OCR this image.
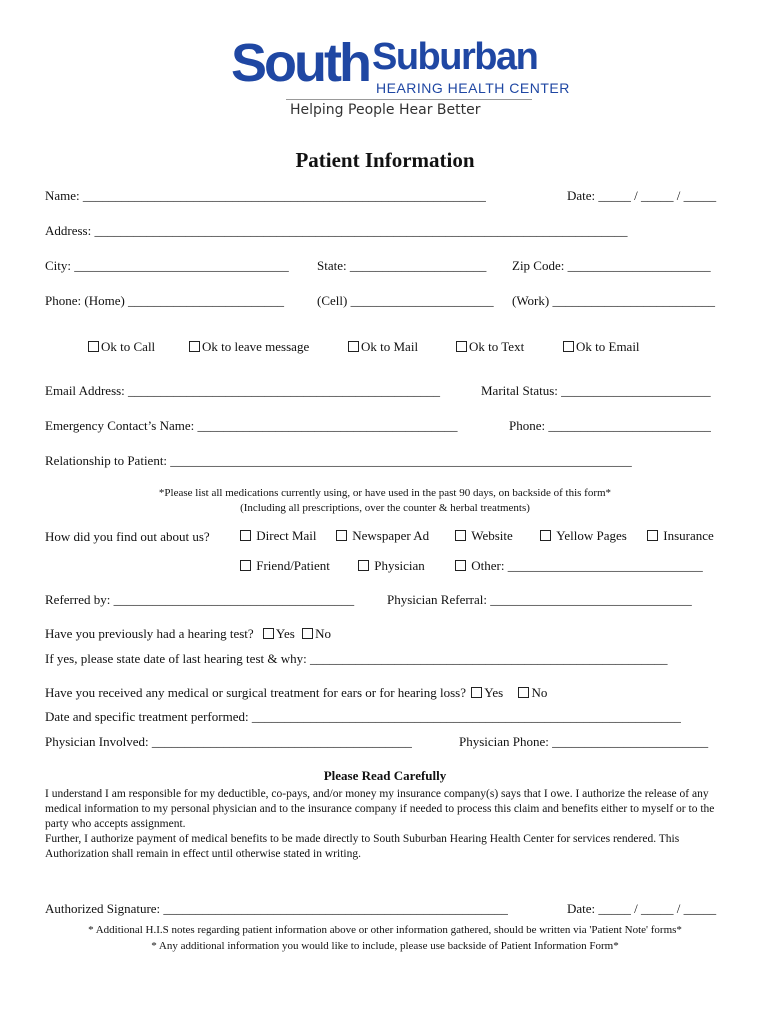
South Suburban
HEARING HEALTH CENTER
Helping People Hear Better
Patient Information
Name: ______________________________________________________________	Date: _____ / _____ / _____
Address: __________________________________________________________________________________
City: _________________________________ State: _____________________ Zip Code: ______________________
Phone: (Home) ________________________	(Cell) ______________________ (Work) _________________________
Ok to Call	Ok to leave message	Ok to Mail	Ok to Text	Ok to Email
Email Address: ________________________________________________	Marital Status: _______________________
Emergency Contact’s Name: ________________________________________	Phone: _________________________
Relationship to Patient: _______________________________________________________________________
*Please list all medications currently using, or have used in the past 90 days, on backside of this form*
(Including all prescriptions, over the counter & herbal treatments)
How did you find out about us?	Direct Mail	Newspaper Ad	Website	Yellow Pages	Insurance
Friend/Patient	Physician	Other: ______________________________
Referred by: _____________________________________	Physician Referral: _______________________________
Have you previously had a hearing test? Yes No
If yes, please state date of last hearing test & why: _______________________________________________________
Have you received any medical or surgical treatment for ears or for hearing loss? Yes No
Date and specific treatment performed: __________________________________________________________________
Physician Involved: ________________________________________	Physician Phone: ________________________
Please Read Carefully

I understand I am responsible for my deductible, co-pays, and/or money my insurance company(s) says that I owe. I authorize the release of any medical information to my personal physician and to the insurance company if needed to process this claim and benefits either to myself or to the party who accepts assignment.

Further, I authorize payment of medical benefits to be made directly to South Suburban Hearing Health Center for services rendered. This Authorization shall remain in effect until otherwise stated in writing.

Authorized Signature: _____________________________________________________	Date: _____ / _____ / _____
* Additional H.I.S notes regarding patient information above or other information gathered, should be written via 'Patient Note' forms*
* Any additional information you would like to include, please use backside of Patient Information Form*
